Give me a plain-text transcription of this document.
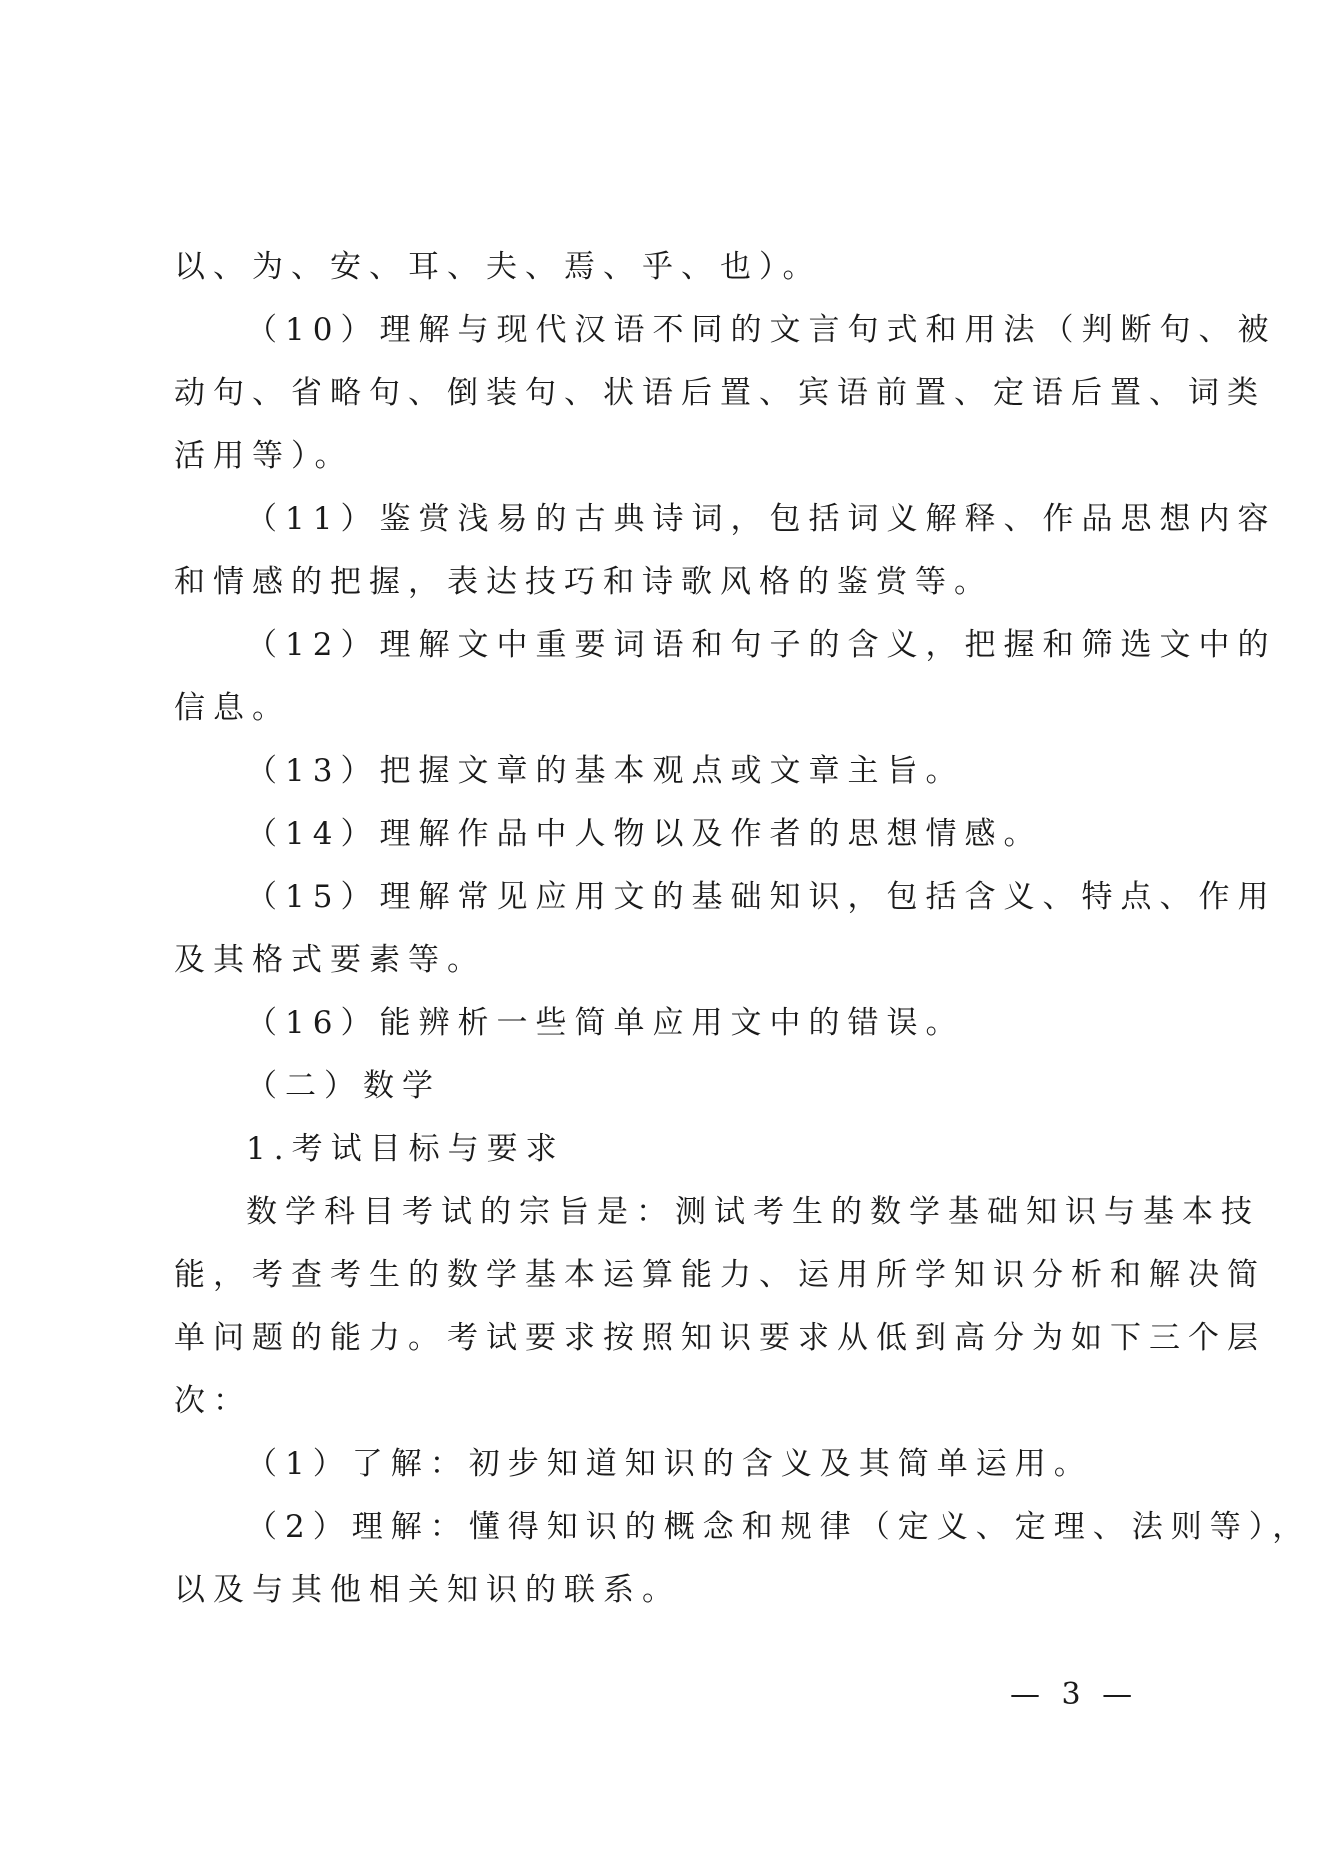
以、为、安、耳、夫、焉、乎、也）。
（10）理解与现代汉语不同的文言句式和用法（判断句、被
动句、省略句、倒装句、状语后置、宾语前置、定语后置、词类
活用等）。
（11）鉴赏浅易的古典诗词，包括词义解释、作品思想内容
和情感的把握，表达技巧和诗歌风格的鉴赏等。
（12）理解文中重要词语和句子的含义，把握和筛选文中的
信息。
（13）把握文章的基本观点或文章主旨。
（14）理解作品中人物以及作者的思想情感。
（15）理解常见应用文的基础知识，包括含义、特点、作用
及其格式要素等。
（16）能辨析一些简单应用文中的错误。
（二）数学
1.考试目标与要求
数学科目考试的宗旨是：测试考生的数学基础知识与基本技
能，考查考生的数学基本运算能力、运用所学知识分析和解决简
单问题的能力。考试要求按照知识要求从低到高分为如下三个层
次：
（1）了解：初步知道知识的含义及其简单运用。
（2）理解：懂得知识的概念和规律（定义、定理、法则等），
以及与其他相关知识的联系。
— 3 —
